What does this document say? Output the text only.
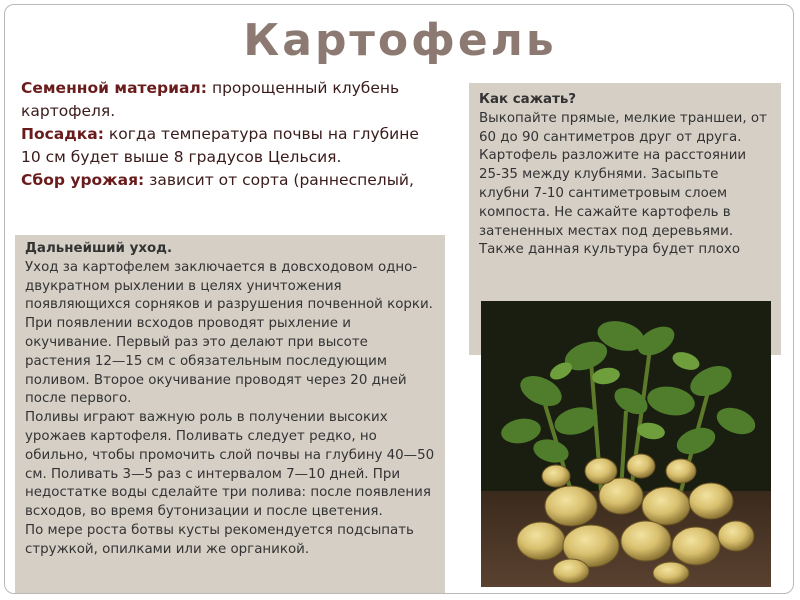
Картофель

Семенной материал: пророщенный клубень картофеля.

Посадка: когда температура почвы на глубине 10 см будет выше 8 градусов Цельсия.

Сбор урожая: зависит от сорта (раннеспелый,

Как сажать?

Выкопайте прямые, мелкие траншеи, от 60 до 90 сантиметров друг от друга. Картофель разложите на расстоянии 25-35 между клубнями. Засыпьте клубни 7-10 сантиметровым слоем компоста. Не сажайте картофель в затененных местах под деревьями. Также данная культура будет плохо

Дальнейший уход.

Уход за картофелем заключается в довсходовом одно-двукратном рыхлении в целях уничтожения появляющихся сорняков и разрушения почвенной корки.

При появлении всходов проводят рыхление и окучивание. Первый раз это делают при высоте растения 12—15 см с обязательным последующим поливом. Второе окучивание проводят через 20 дней после первого.

Поливы играют важную роль в получении высоких урожаев картофеля. Поливать следует редко, но обильно, чтобы промочить слой почвы на глубину 40—50 см. Поливать 3—5 раз с интервалом 7—10 дней. При недостатке воды сделайте три полива: после появления всходов, во время бутонизации и после цветения.

По мере роста ботвы кусты рекомендуется подсыпать стружкой, опилками или же органикой.
